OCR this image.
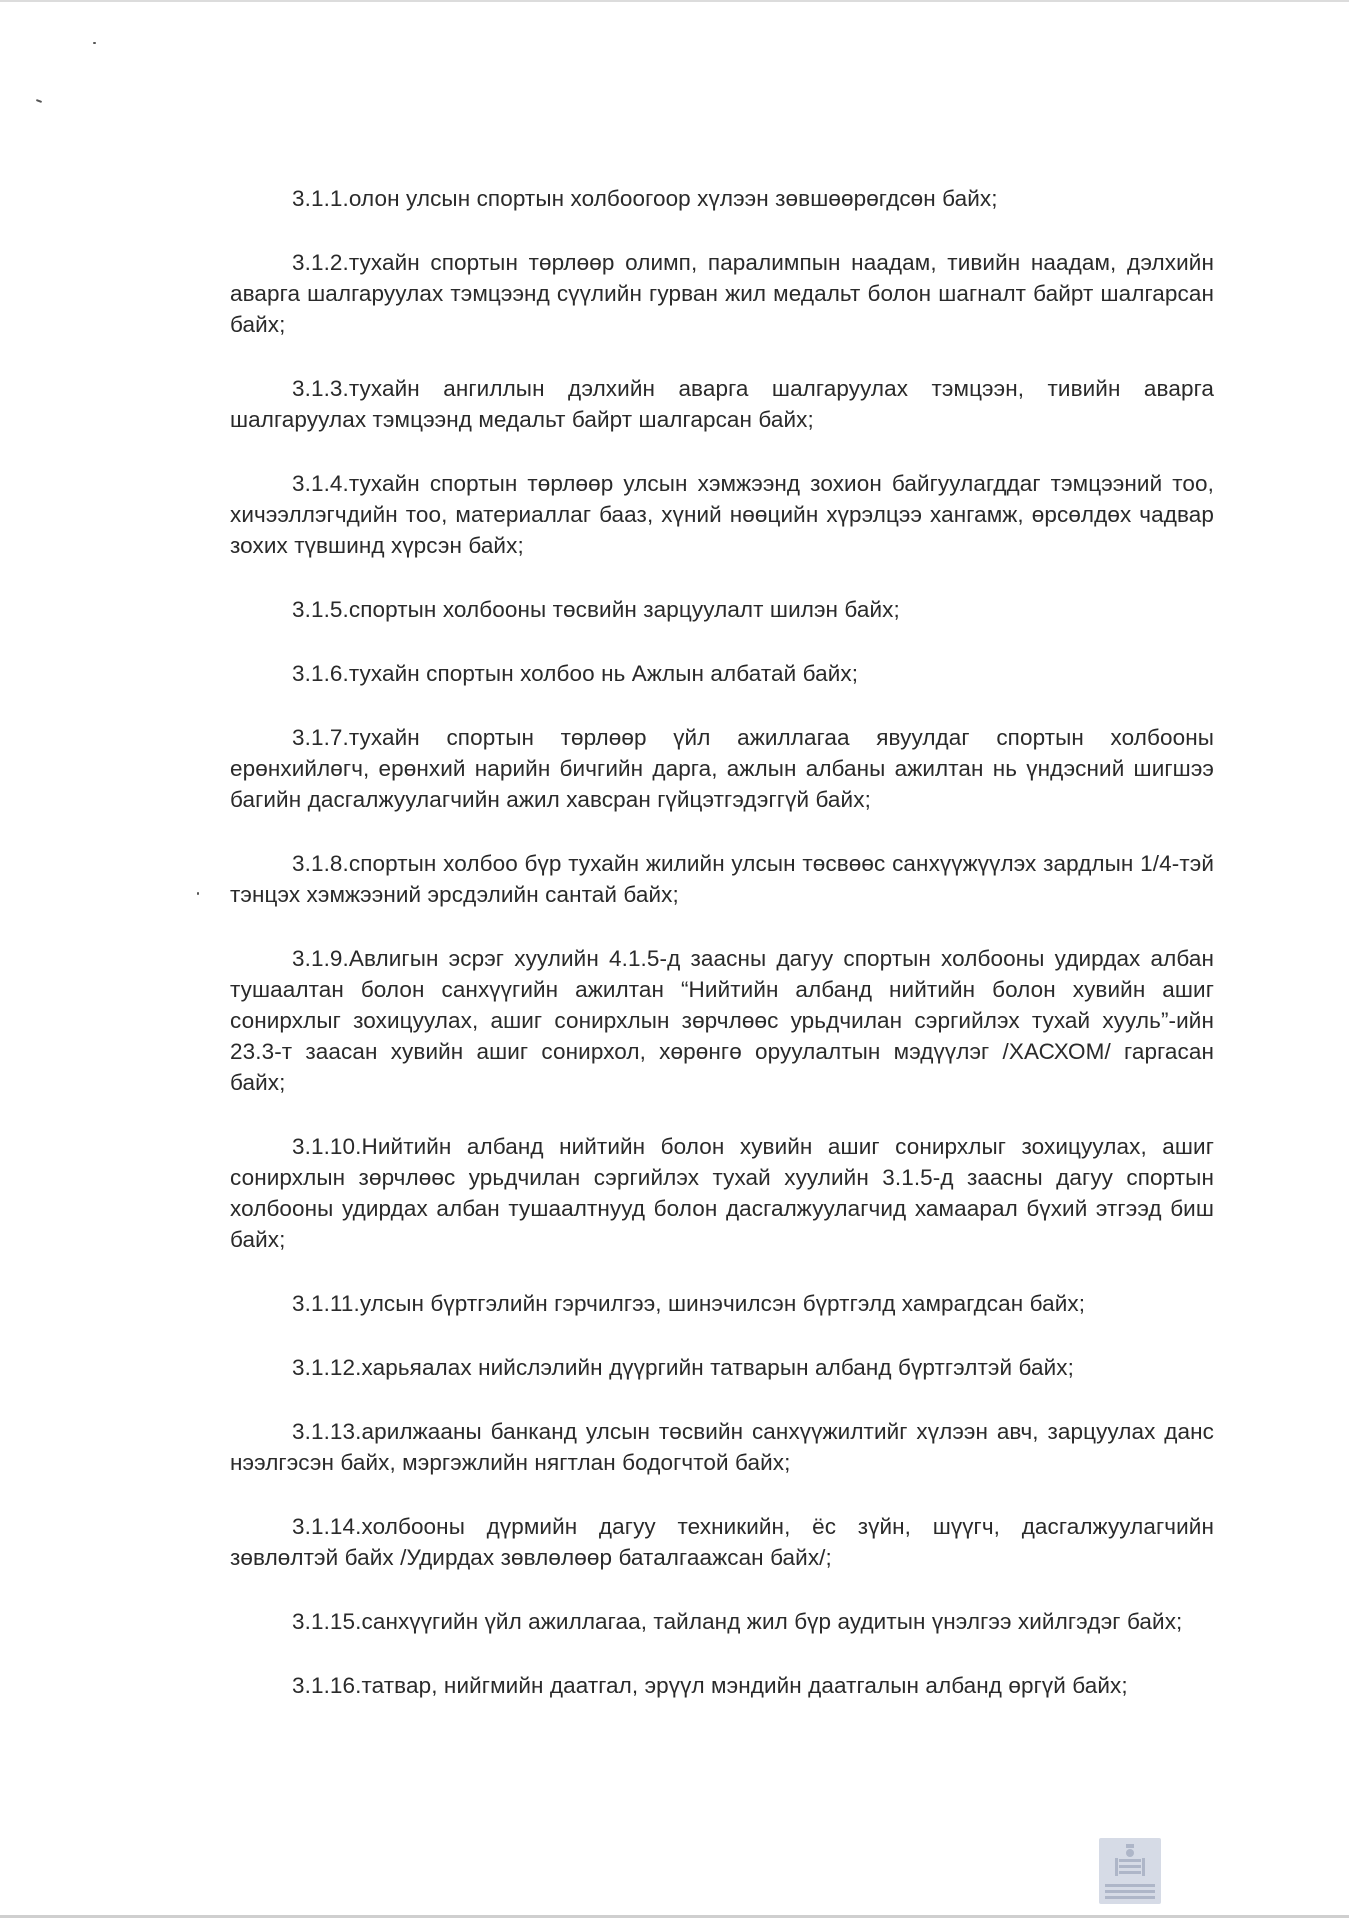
3.1.1.олон улсын спортын холбоогоор хүлээн зөвшөөрөгдсөн байх;

3.1.2.тухайн спортын төрлөөр олимп, паралимпын наадам, тивийн наадам, дэлхийн аварга шалгаруулах тэмцээнд сүүлийн гурван жил медальт болон шагналт байрт шалгарсан байх;

3.1.3.тухайн ангиллын дэлхийн аварга шалгаруулах тэмцээн, тивийн аварга шалгаруулах тэмцээнд медальт байрт шалгарсан байх;

3.1.4.тухайн спортын төрлөөр улсын хэмжээнд зохион байгуулагддаг тэмцээний тоо, хичээллэгчдийн тоо, материаллаг бааз, хүний нөөцийн хүрэлцээ хангамж, өрсөлдөх чадвар зохих түвшинд хүрсэн байх;

3.1.5.спортын холбооны төсвийн зарцуулалт шилэн байх;

3.1.6.тухайн спортын холбоо нь Ажлын албатай байх;

3.1.7.тухайн спортын төрлөөр үйл ажиллагаа явуулдаг спортын холбооны ерөнхийлөгч, ерөнхий нарийн бичгийн дарга, ажлын албаны ажилтан нь үндэсний шигшээ багийн дасгалжуулагчийн ажил хавсран гүйцэтгэдэггүй байх;

3.1.8.спортын холбоо бүр тухайн жилийн улсын төсвөөс санхүүжүүлэх зардлын 1/4-тэй тэнцэх хэмжээний эрсдэлийн сантай байх;

3.1.9.Авлигын эсрэг хуулийн 4.1.5-д заасны дагуу спортын холбооны удирдах албан тушаалтан болон санхүүгийн ажилтан “Нийтийн албанд нийтийн болон хувийн ашиг сонирхлыг зохицуулах, ашиг сонирхлын зөрчлөөс урьдчилан сэргийлэх тухай хууль”-ийн 23.3-т заасан хувийн ашиг сонирхол, хөрөнгө оруулалтын мэдүүлэг /ХАСХОМ/ гаргасан байх;

3.1.10.Нийтийн албанд нийтийн болон хувийн ашиг сонирхлыг зохицуулах, ашиг сонирхлын зөрчлөөс урьдчилан сэргийлэх тухай хуулийн 3.1.5-д заасны дагуу спортын холбооны удирдах албан тушаалтнууд болон дасгалжуулагчид хамаарал бүхий этгээд биш байх;

3.1.11.улсын бүртгэлийн гэрчилгээ, шинэчилсэн бүртгэлд хамрагдсан байх;

3.1.12.харьяалах нийслэлийн дүүргийн татварын албанд бүртгэлтэй байх;

3.1.13.арилжааны банканд улсын төсвийн санхүүжилтийг хүлээн авч, зарцуулах данс нээлгэсэн байх, мэргэжлийн нягтлан бодогчтой байх;

3.1.14.холбооны дүрмийн дагуу техникийн, ёс зүйн, шүүгч, дасгалжуулагчийн зөвлөлтэй байх /Удирдах зөвлөлөөр баталгаажсан байх/;

3.1.15.санхүүгийн үйл ажиллагаа, тайланд жил бүр аудитын үнэлгээ хийлгэдэг байх;

3.1.16.татвар, нийгмийн даатгал, эрүүл мэндийн даатгалын албанд өргүй байх;
